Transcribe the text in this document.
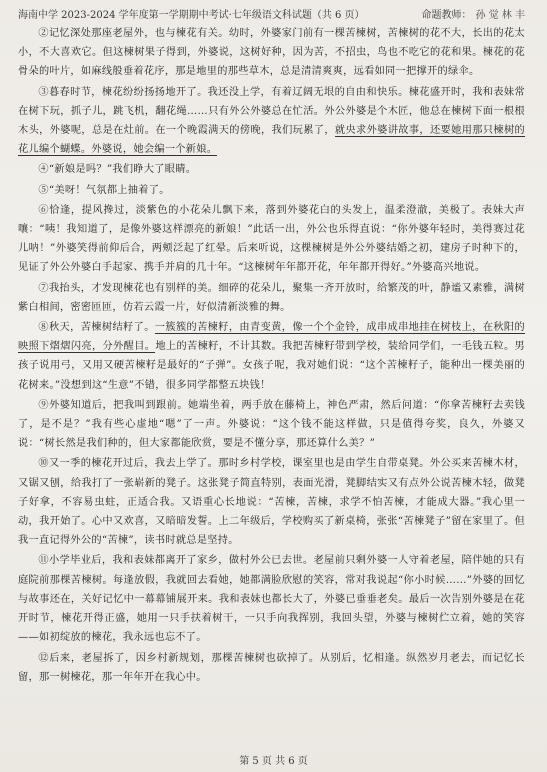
海南中学 2023-2024 学年度第一学期期中考试·七年级语文科试题（共 6 页）	命题教师： 孙 觉 林 丰

②记忆深处那座老屋外，也与楝花有关。幼时，外婆家门前有一棵苦楝树，苦楝树的花不大，长出的花太小，不大喜欢它。但这楝树果子得到，外婆说，这树好种，因为苦，不招虫，鸟也不吃它的花和果。楝花的花骨朵的叶片，如麻线般垂着花序，那是地里的那些草木，总是清清爽爽，远看如同一把撑开的绿伞。

③暮春时节，楝花纷纷扬扬地开了。我还没上学，有着辽阔无垠的自由和快乐。楝花盛开时，我和表妹常在树下玩，抓子儿，跳飞机，翻花绳……只有外公外婆总在忙活。外公外婆是个木匠，他总在楝树下面一根根木头，外婆呢，总是在灶前。在一个晚霞满天的傍晚，我们玩累了，就央求外婆讲故事，还要她用那只楝树的花儿编个蝴蝶。外婆说，她会编一个新娘。

④“新娘是吗？”我们睁大了眼睛。

⑤“美呀！气氛都上抽着了。

⑥恰逢，提风搀过，淡紫色的小花朵儿飘下来，落到外婆花白的头发上，温柔澄澈，美极了。表妹大声嚷：“咦！我知道了，是像外婆这样漂亮的新娘！”此话一出，外公也乐得直说：“你外婆年轻时，美得赛过花儿呐！”外婆笑得前仰后合，两颊泛起了红晕。后来听说，这棵楝树是外公外婆结婚之初，建房子时种下的，见证了外公外婆白手起家、携手并肩的几十年。“这楝树年年都开花，年年都开得好。”外婆高兴地说。

⑦我抬头，才发现楝花也有别样的美。细碎的花朵儿，聚集一齐开放时，给繁茂的叶，静谧又素雅，满树紫白相间，密密匝匝，仿若云霞一片，好似清新淡雅的舞。

⑧秋天，苦楝树结籽了。一簇簇的苦楝籽，由青变黄，像一个个金铃，成串成串地挂在树枝上，在秋阳的映照下熠熠闪亮，分外醒目。地上的苦楝籽，不计其数。我把苦楝籽带到学校，装给同学们，一毛钱五粒。男孩子说用弓，又用又硬苦楝籽是最好的“子弹”。女孩子呢，我对她们说：“这个苦楝籽子，能种出一棵美丽的花树来。”没想到这“生意”不错，很多同学都整五块钱！

⑨外婆知道后，把我叫到跟前。她端坐着，两手放在藤椅上，神色严肃，然后问道：“你拿苦楝籽去卖钱了，是不是？”我有些心虚地“嗯”了一声。外婆说：“这个钱不能这样做，只是值得夸奖，良久，外婆又说：“树长然是我们种的，但大家都能欣赏，要是不懂分享，那还算什么美？”

⑩又一季的楝花开过后，我去上学了。那时乡村学校，课室里也是由学生自带桌凳。外公买来苦楝木材，又锯又刨，给我打了一张崭新的凳子。这张凳子简直特别，表面光滑，凳脚结实又有点外公说苦楝木轻，做凳子好拿，不容易虫蛀，正适合我。又语重心长地说：“苦楝，苦楝，求学不怕苦楝，才能成大器。”我心里一动，我开始了。心中又欢喜，又暗暗发誓。上二年级后，学校购买了新桌椅，张张“苦楝凳子”留在家里了。但我一直记得外公的“苦楝”，读书时就总是坚持。

⑪小学毕业后，我和表妹都离开了家乡，做村外公已去世。老屋前只剩外婆一人守着老屋，陪伴她的只有庭院前那棵苦楝树。每逢放假，我就回去看她，她都满脸欣慰的笑容，常对我说起“你小时候……”外婆的回忆与故事还在，关好记忆中一幕幕铺展开来。我和表妹也都长大了，外婆已垂垂老矣。最后一次告别外婆是在花开时节，楝花开得正盛，她用一只手扶着树干，一只手向我挥别，我回头望，外婆与楝树伫立着，她的笑容——如初绽放的楝花，我永远也忘不了。

⑫后来，老屋拆了，因乡村新规划，那棵苦楝树也砍掉了。从别后，忆相逢。纵然岁月老去，而记忆长留，那一树楝花，那一年年开在我心中。

第 5 页 共 6 页
